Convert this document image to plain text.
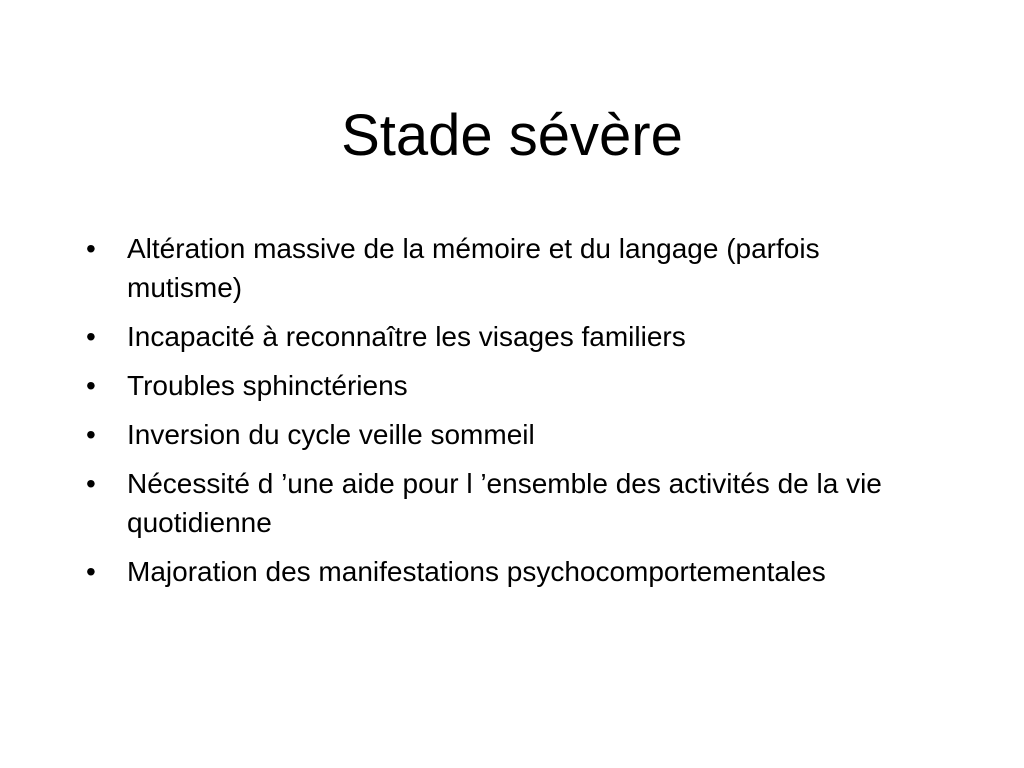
Stade sévère
•	Altération massive de la mémoire et du langage (parfois mutisme)
•	Incapacité à reconnaître les visages familiers
•	Troubles sphinctériens
•	Inversion du cycle veille sommeil
•	Nécessité d ’une aide pour l ’ensemble des activités de la vie quotidienne
•	Majoration des manifestations psychocomportementales
